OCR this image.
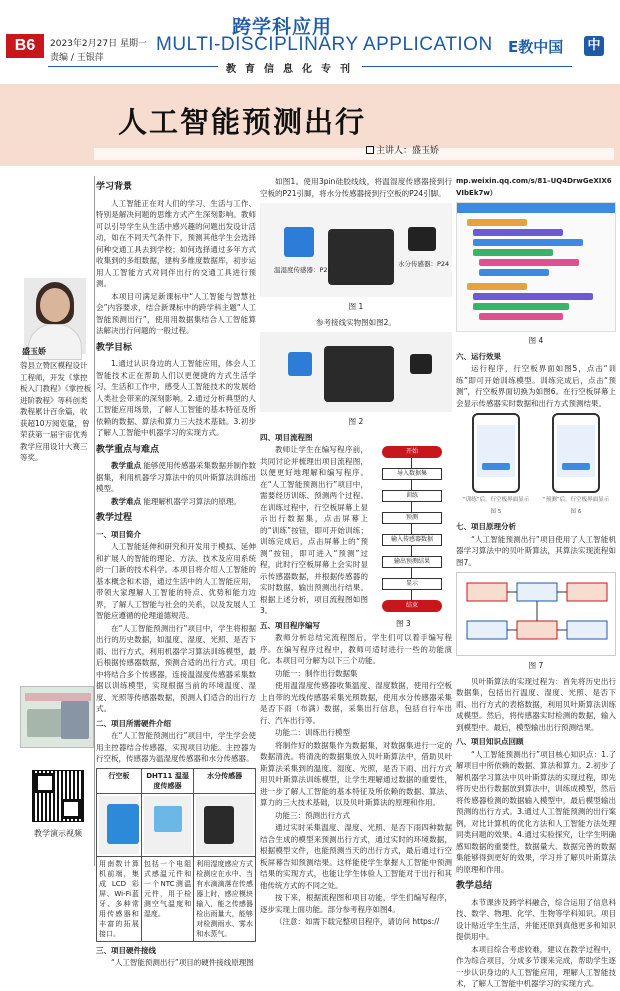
B6	2023年2月27日 星期一
责编 / 王银萍
跨学科应用
MULTI-DISCIPLINARY APPLICATION
教育信息化专刊
E教中国 中
人工智能预测出行
主讲人：盛玉娇
盛玉娇
蓉县立赞区模程设计工程师，开发《掌控板入门教程》《掌控板进阶教程》等科创类教程累计百余篇，收获超10万阅览量，曾荣获第一届宇宙优秀教学应用设计大赛三等奖。
教学演示视频
学习背景

人工智能正在对人们的学习、生活与工作、特别是解决问题的思维方式产生深刻影响。教师可以引导学生从生活中感兴趣的问题出发设计活动，如在不同天气条件下，预测其他学生会选择何种交通工具去到学校；如何选择通过多年方式收集到的多组数据，建构多维度数据库，初步运用人工智能方式对同伴出行的交通工具进行预测。

本项目可满足新课标中“人工智能与智慧社会”内容要求，结合新课标中的跨学科主题“人工智能预测出行”，使用用数据集结合人工智能算法解决出行问题的一般过程。

教学目标

1.通过认识身边的人工智能应用，体会人工智能技术正在帮助人们以更便捷的方式生活学习，生活和工作中，感受人工智能技术的发展给人类社会带来的深刻影响。2.通过分析典型的人工智能应用场景，了解人工智能的基本特征及所依赖的数据、算法和算力三大技术基础。3.初步了解人工智能中机器学习的实现方式。

教学重点与难点

教学重点 能够使用传感器采集数据并制作数据集，利用机器学习算法中的贝叶斯算法训练出模型。

教学难点 能理解机器学习算法的原理。

教学过程
一、项目简介

人工智能延伸和研究和开发用于模拟、延伸和扩展人的智能的理论、方法、技术及应用系统的一门新的技术科学。本项目将介绍人工智能的基本概念和术语，通过生活中的人工智能应用，带领大家理解人工智能的特点、优势和能力边界，了解人工智能与社会的关系，以及发展人工智能应遵循的伦理道德规范。

在“人工智能预测出行”项目中，学生将根据出行的历史数据，如温度、湿度、光照、是否下雨、出行方式，利用机器学习算法训练模型，最后根据传感器数据，预测合适的出行方式。项目中将结合多个传感器，连接温湿度传感器采集数据以训练模型，实现根据当前的环境温度、湿度、光照等传感器数据，预测人们适合的出行方式。

二、项目所需硬件介绍

在“人工智能预测出行”项目中，学生学会使用主控器结合传感器，实现项目功能。主控器为行空板，传感器为温湿度传感器和水分传感器。

行空板	DHT11 温湿度传感器	水分传感器

用南数计算机前端，集成LCD彩屏、Wi-Fi蓝牙、多种常用传感器和丰富的拓展接口。	包括一个电阻式感温元件和一个NTC测温元件，用于检测空气温度和湿度。	利用湿度感应方式检测应在水中、当有水滴滴落在传感器上时，感应模块输入，能之传感器检出雨量大，能够对检测雨水、雾水和水蒸气。
三、项目硬件接线

“人工智能预测出行”项目的硬件接线原理图

如图1。使用3pin硅胶线线，将温湿度传感器接到行空板的P21引脚，将水分传感器接到行空板的P24引脚。

温湿度传感器：P21
水分传感器：P24
图 1
参考接线实物图如图2。
图 2
四、项目流程图

教师让学生在编写程序前，共同讨论并梳理出项目流程图，以便更好地理解和编写程序。在“人工智能预测出行”项目中，需要经历训练、预测两个过程。在训练过程中，行空板屏幕上显示出行数据集，点击屏幕上的“训练”按钮，即可开始训练；训练完成后，点击屏幕上的“预测”按钮，即可进入“预测”过程，此时行空板屏幕上会实时显示传感器数据，并根据传感器的实时数据，输出预测出行结果。根据上述分析，项目流程图如图3。

开始
导入数据集
训练
预测
输入传感器数据
输出预测结果
显示
结束
图 3
五、项目程序编写

教师分析总结完流程图后，学生们可以着手编写程序。在编写程序过程中，教师可适时进行一些的功能演化。本项目可分解为以下三个功能。

功能一：制作出行数据集

使用温湿度传感器收集温度、湿度数据，使用行空板上自带的光线传感器采集光照数据，使用水分传感器采集是否下雨（布满）数据，采集出行信息，包括自行车出行、汽车出行等。

功能二：训练出行模型

将制作好的数据集作为数据集，对数据集进行一定的数据清洗。将清洗的数据集放入贝叶斯算法中，借助贝叶斯算法采集到的温度、湿度、光照，是否下雨、出行方式用贝叶斯算法训练模型，让学生理解通过数据的重要性，进一步了解人工智能的基本特征及所依赖的数据、算法、算力的三大技术基础，以及贝叶斯算法的原理和作用。

功能三：预测出行方式

通过实时采集温度、湿度、光照、是否下雨四种数据结合生成的模型来预测出行方式，通过实时的环境数据，根据模型文件，也能预测当天的出行方式，最后通过行空板屏幕告知预测结果。这样能使学生掌握人工智能中预测结果的实现方式，也能让学生体验人工智能对于出行和其他传统方式的不同之处。

按下来，根据流程图和项目功能，学生们编写程序，逐步实现上面功能。部分参考程序如图4。

（注意：如需下载完整项目程序，请访问 https://

mp.weixin.qq.com/s/81–UQ4DrwGeXIX6VIbEk7w）
图 4
六、运行效果

运行程序，行空板界面如图5，点击“训练”即可开始训练模型。训练完成后，点击“预测”，行空板界面切换为如图6。在行空板屏幕上会显示传感器实时数据和出行方式预测结果。

“训练”后，行空板界面显示	“预测”后，行空板界面显示
图 5	图 6
七、项目原理分析

“人工智能预测出行”项目使用了人工智能机器学习算法中的贝叶斯算法，其算法实现流程如图7。

图 7

贝叶斯算法的实现过程为：首先将历史出行数据集，包括出行温度、湿度、光照、是否下雨、出行方式的表格数据，利用贝叶斯算法训练成模型。然后，将传感器实时检测的数据，输入到模型中。最后，模型输出出行预测结果。

八、项目知识点回顾

“人工智能预测出行”项目核心知识点：1.了解项目中所依赖的数据、算法和算力。2.初步了解机器学习算法中贝叶斯算法的实现过程，即先将历史出行数据放到算法中，训练成模型，然后将传感器检测的数据输入模型中，最后模型输出预测的出行方式。3.通过人工智能预测的出行案例，对比计算机的优化方法和人工智能方法处理同类问题的效果。4.通过实验探究，让学生明确感知数据的重要性，数据量大、数据完善的数据集能够得到更好的效果，学习并了解贝叶斯算法的原理和作用。

教学总结

本节课涉及跨学科融合，综合运用了信息科技、数学、物理、化学、生物等学科知识。项目设计贴近学生生活，并能还原到真他更多和知识提供用中。

本项目综合考虑较难，建议在教学过程中，作为综合项目，分成多节课来完成，帮助学生逐一步认识身边的人工智能应用，理解人工智能技术，了解人工智能中机器学习的实现方式。
